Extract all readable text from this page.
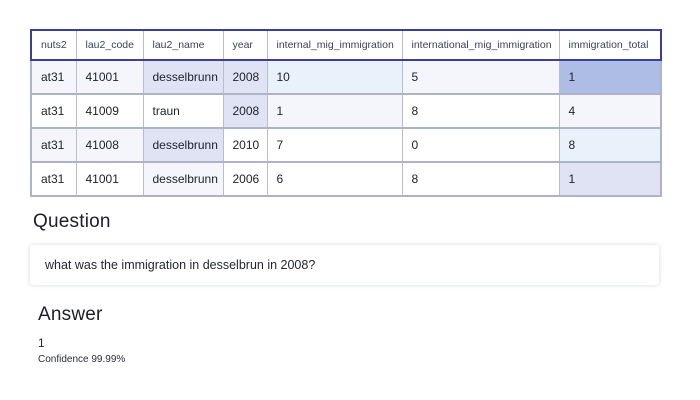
nuts2	lau2_code	lau2_name	year	internal_mig_immigration	international_mig_immigration	immigration_total
at31	41001	desselbrunn	2008	10	5	1
at31	41009	traun	2008	1	8	4
at31	41008	desselbrunn	2010	7	0	8
at31	41001	desselbrunn	2006	6	8	1
Question
what was the immigration in desselbrun in 2008?
Answer
1
Confidence 99.99%
